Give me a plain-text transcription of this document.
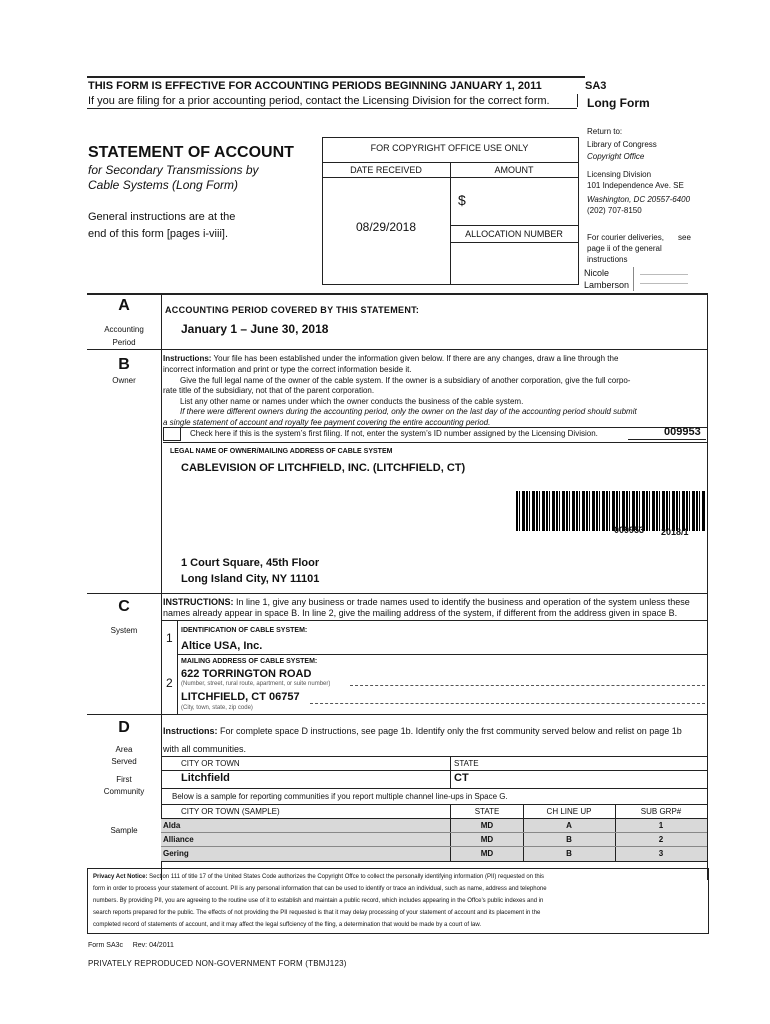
THIS FORM IS EFFECTIVE FOR ACCOUNTING PERIODS BEGINNING JANUARY 1, 2011	SA3
If you are filing for a prior accounting period, contact the Licensing Division for the correct form.	Long Form
STATEMENT OF ACCOUNT
for Secondary Transmissions by
Cable Systems (Long Form)
General instructions are at the
end of this form [pages i-viii].
FOR COPYRIGHT OFFICE USE ONLY
DATE RECEIVED	AMOUNT
$
08/29/2018	ALLOCATION NUMBER
Return to:
Library of Congress
Copyright Office
Licensing Division
101 Independence Ave. SE
Washington, DC 20557-6400
(202) 707-8150
For courier deliveries, see
page ii of the general
instructions
Nicole
Lamberson
A
Accounting
Period
ACCOUNTING PERIOD COVERED BY THIS STATEMENT:
January 1 – June 30, 2018
B
Owner
Instructions: Your file has been established under the information given below. If there are any changes, draw a line through the
incorrect information and print or type the correct information beside it.
Give the full legal name of the owner of the cable system. If the owner is a subsidiary of another corporation, give the full corpo-
rate title of the subsidiary, not that of the parent corporation.
List any other name or names under which the owner conducts the business of the cable system.
If there were different owners during the accounting period, only the owner on the last day of the accounting period should submit
a single statement of account and royalty fee payment covering the entire accounting period.
Check here if this is the system’s first filing. If not, enter the system’s ID number assigned by the Licensing Division.	009953
LEGAL NAME OF OWNER/MAILING ADDRESS OF CABLE SYSTEM
CABLEVISION OF LITCHFIELD, INC. (LITCHFIELD, CT)
009953 2018/1
1 Court Square, 45th Floor
Long Island City, NY 11101
C
System
INSTRUCTIONS: In line 1, give any business or trade names used to identify the business and operation of the system unless these
names already appear in space B. In line 2, give the mailing address of the system, if different from the address given in space B.
1
IDENTIFICATION OF CABLE SYSTEM:
Altice USA, Inc.
MAILING ADDRESS OF CABLE SYSTEM:
622 TORRINGTON ROAD
2 (Number, street, rural route, apartment, or suite number)
LITCHFIELD, CT 06757
(City, town, state, zip code)
D
Area
Served
First
Community
Sample
Instructions: For complete space D instructions, see page 1b. Identify only the frst community served below and relist on page 1b
with all communities.
CITY OR TOWN	STATE
Litchfield	CT
Below is a sample for reporting communities if you report multiple channel line-ups in Space G.
CITY OR TOWN (SAMPLE)	STATE	CH LINE UP	SUB GRP#
Alda	MD	A	1
Alliance	MD	B	2
Gering	MD	B	3
Privacy Act Notice: Section 111 of title 17 of the United States Code authorizes the Copyright Offce to collect the personally identifying information (PII) requested on this
form in order to process your statement of account. PII is any personal information that can be used to identify or trace an individual, such as name, address and telephone
numbers. By providing PII, you are agreeing to the routine use of it to establish and maintain a public record, which includes appearing in the Offce’s public indexes and in
search reports prepared for the public. The effects of not providing the PII requested is that it may delay processing of your statement of account and its placement in the
completed record of statements of account, and it may affect the legal suffciency of the fling, a determination that would be made by a court of law.
Form SA3c     Rev: 04/2011
PRIVATELY REPRODUCED NON-GOVERNMENT FORM (TBMJ123)
